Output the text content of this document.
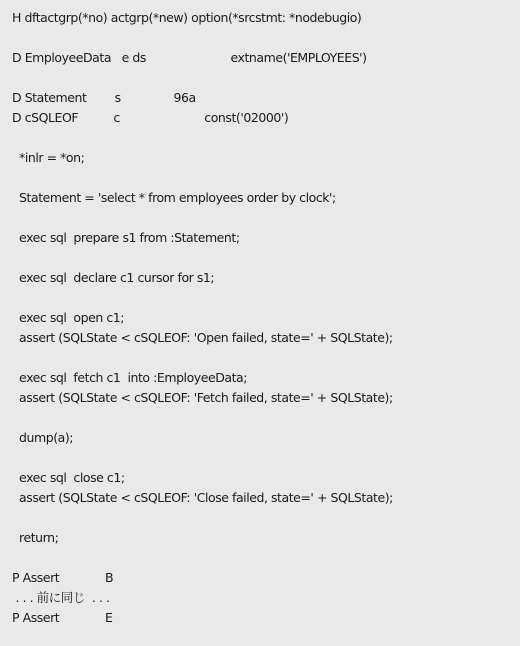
H dftactgrp(*no) actgrp(*new) option(*srcstmt: *nodebugio)
D EmployeeData   e ds                        extname('EMPLOYEES')
D Statement        s               96a
D cSQLEOF          c                        const('02000')
*inlr = *on;
Statement = 'select * from employees order by clock';
exec sql  prepare s1 from :Statement;
exec sql  declare c1 cursor for s1;
exec sql  open c1;
assert (SQLState < cSQLEOF: 'Open failed, state=' + SQLState);
exec sql  fetch c1  into :EmployeeData;
assert (SQLState < cSQLEOF: 'Fetch failed, state=' + SQLState);
dump(a);
exec sql  close c1;
assert (SQLState < cSQLEOF: 'Close failed, state=' + SQLState);
return;
P Assert             B
. . . 前に同じ  . . .
P Assert             E
